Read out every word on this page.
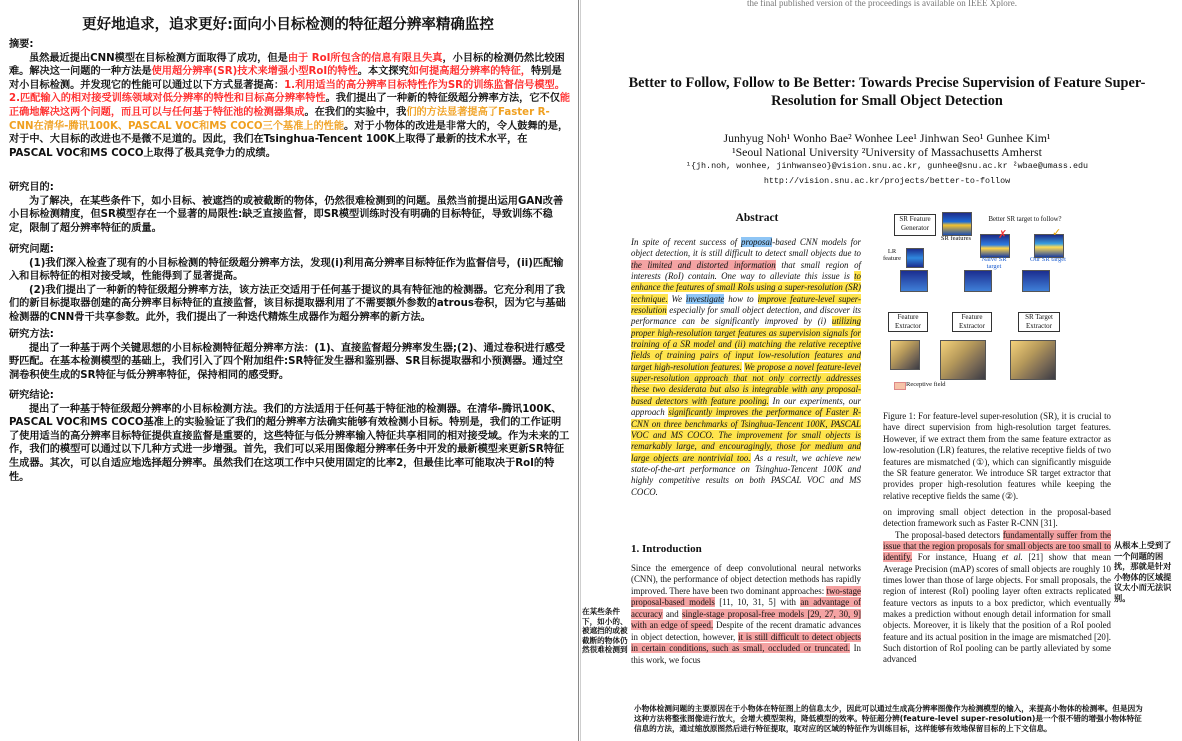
更好地追求，追求更好:面向小目标检测的特征超分辨率精确监控
摘要:
虽然最近提出CNN模型在目标检测方面取得了成功，但是由于 RoI所包含的信息有限且失真，小目标的检测仍然比较困难。解决这一问题的一种方法是使用超分辨率(SR)技术来增强小型RoI的特性。本文探究如何提高超分辨率的特征，特别是对小目标检测。并发现它的性能可以通过以下方式显著提高：1.利用适当的高分辨率目标特性作为SR的训练监督信号模型。2.匹配输入的相对接受训练领域对低分辨率的特性和目标高分辨率特性。我们提出了一种新的特征级超分辨率方法，它不仅能正确地解决这两个问题，而且可以与任何基于特征池的检测器集成。在我们的实验中，我们的方法显著提高了Faster R-CNN在清华-腾讯100K、PASCAL VOC和MS COCO三个基准上的性能。对于小物体的改进是非常大的，令人鼓舞的是，对于中、大目标的改进也不是微不足道的。因此，我们在Tsinghua-Tencent 100K上取得了最新的技术水平，在PASCAL VOC和MS COCO上取得了极具竞争力的成绩。
研究目的:
为了解决，在某些条件下，如小目标、被遮挡的或被截断的物体，仍然很难检测到的问题。虽然当前提出运用GAN改善小目标检测精度，但SR模型存在一个显著的局限性:缺乏直接监督，即SR模型训练时没有明确的目标特征，导致训练不稳定，限制了超分辨率特征的质量。
研究问题:
(1)我们深入检查了现有的小目标检测的特征级超分辨率方法，发现(i)利用高分辨率目标特征作为监督信号，(ii)匹配输入和目标特征的相对接受域，性能得到了显著提高。
(2)我们提出了一种新的特征级超分辨率方法，该方法正交适用于任何基于提议的具有特征池的检测器。它充分利用了我们的新目标提取器创建的高分辨率目标特征的直接监督，该目标提取器利用了不需要额外参数的atrous卷积，因为它与基础检测器的CNN骨干共享参数。此外，我们提出了一种迭代精炼生成器作为超分辨率的新方法。
研究方法:
提出了一种基于两个关键思想的小目标检测特征超分辨率方法：(1)、直接监督超分辨率发生器;(2)、通过卷积进行感受野匹配。在基本检测模型的基础上，我们引入了四个附加组件:SR特征发生器和鉴别器、SR目标提取器和小预测器。通过空洞卷积使生成的SR特征与低分辨率特征，保持相同的感受野。
研究结论:
提出了一种基于特征级超分辨率的小目标检测方法。我们的方法适用于任何基于特征池的检测器。在清华-腾讯100K、PASCAL VOC和MS COCO基准上的实验验证了我们的超分辨率方法确实能够有效检测小目标。特别是，我们的工作证明了使用适当的高分辨率目标特征提供直接监督是重要的，这些特征与低分辨率输入特征共享相同的相对接受域。作为未来的工作，我们的模型可以通过以下几种方式进一步增强。首先，我们可以采用图像超分辨率任务中开发的最新模型来更新SR特征生成器。其次，可以自适应地选择超分辨率。虽然我们在这项工作中只使用固定的比率2，但最佳比率可能取决于RoI的特性。
the final published version of the proceedings is available on IEEE Xplore.
Better to Follow, Follow to Be Better: Towards Precise Supervision of Feature Super-Resolution for Small Object Detection
Junhyug Noh¹ Wonho Bae² Wonhee Lee¹ Jinhwan Seo¹ Gunhee Kim¹
¹Seoul National University ²University of Massachusetts Amherst
¹{jh.noh, wonhee, jinhwanseo}@vision.snu.ac.kr, gunhee@snu.ac.kr ²wbae@umass.edu
http://vision.snu.ac.kr/projects/better-to-follow
Abstract
In spite of recent success of proposal-based CNN models for object detection, it is still difficult to detect small objects due to the limited and distorted information that small region of interests (RoI) contain. One way to alleviate this issue is to enhance the features of small RoIs using a super-resolution (SR) technique. We investigate how to improve feature-level super-resolution especially for small object detection, and discover its performance can be significantly improved by (i) utilizing proper high-resolution target features as supervision signals for training of a SR model and (ii) matching the relative receptive fields of training pairs of input low-resolution features and target high-resolution features. We propose a novel feature-level super-resolution approach that not only correctly addresses these two desiderata but also is integrable with any proposal-based detectors with feature pooling. In our experiments, our approach significantly improves the performance of Faster R-CNN on three benchmarks of Tsinghua-Tencent 100K, PASCAL VOC and MS COCO. The improvement for small objects is remarkably large, and encouragingly, those for medium and large objects are nontrivial too. As a result, we achieve new state-of-the-art performance on Tsinghua-Tencent 100K and highly competitive results on both PASCAL VOC and MS COCO.
1. Introduction
Since the emergence of deep convolutional neural networks (CNN), the performance of object detection methods has rapidly improved. There have been two dominant approaches: two-stage proposal-based models [11, 10, 31, 5] with an advantage of accuracy and single-stage proposal-free models [29, 27, 30, 9] with an edge of speed. Despite of the recent dramatic advances in object detection, however, it is still difficult to detect objects in certain conditions, such as small, occluded or truncated. In this work, we focus
SR Feature Generator
SR features
Better SR target to follow?
Naïve SR target
Our SR target
✗	✓
LR feature
Feature Extractor
Feature Extractor
SR Target Extractor
Receptive field
Figure 1: For feature-level super-resolution (SR), it is crucial to have direct supervision from high-resolution target features. However, if we extract them from the same feature extractor as low-resolution (LR) features, the relative receptive fields of two features are mismatched (①), which can significantly misguide the SR feature generator. We introduce SR target extractor that provides proper high-resolution features while keeping the relative receptive fields the same (②).
on improving small object detection in the proposal-based detection framework such as Faster R-CNN [31].
The proposal-based detectors fundamentally suffer from the issue that the region proposals for small objects are too small to identify. For instance, Huang et al. [21] show that mean Average Precision (mAP) scores of small objects are roughly 10 times lower than those of large objects. For small proposals, the region of interest (RoI) pooling layer often extracts replicated feature vectors as inputs to a box predictor, which eventually makes a prediction without enough detail information for small objects. Moreover, it is likely that the position of a RoI pooled feature and its actual position in the image are mismatched [20]. Such distortion of RoI pooling can be partly alleviated by some advanced
从根本上受到了一个问题的困扰，那就是针对小物体的区域提议太小而无法识别。
在某些条件下，如小的、被遮挡的或被截断的物体仍然很难检测到
小物体检测问题的主要原因在于小物体在特征图上的信息太少，因此可以通过生成高分辨率图像作为检测模型的输入，来提高小物体的检测率。但是因为这种方法将整张图像进行放大，会增大模型架构，降低模型的效率。特征超分辨(feature-level super-resolution)是一个很不错的增强小物体特征信息的方法，通过缩放原图然后进行特征提取，取对应的区域的特征作为训练目标，这样能够有效地保留目标的上下文信息。
